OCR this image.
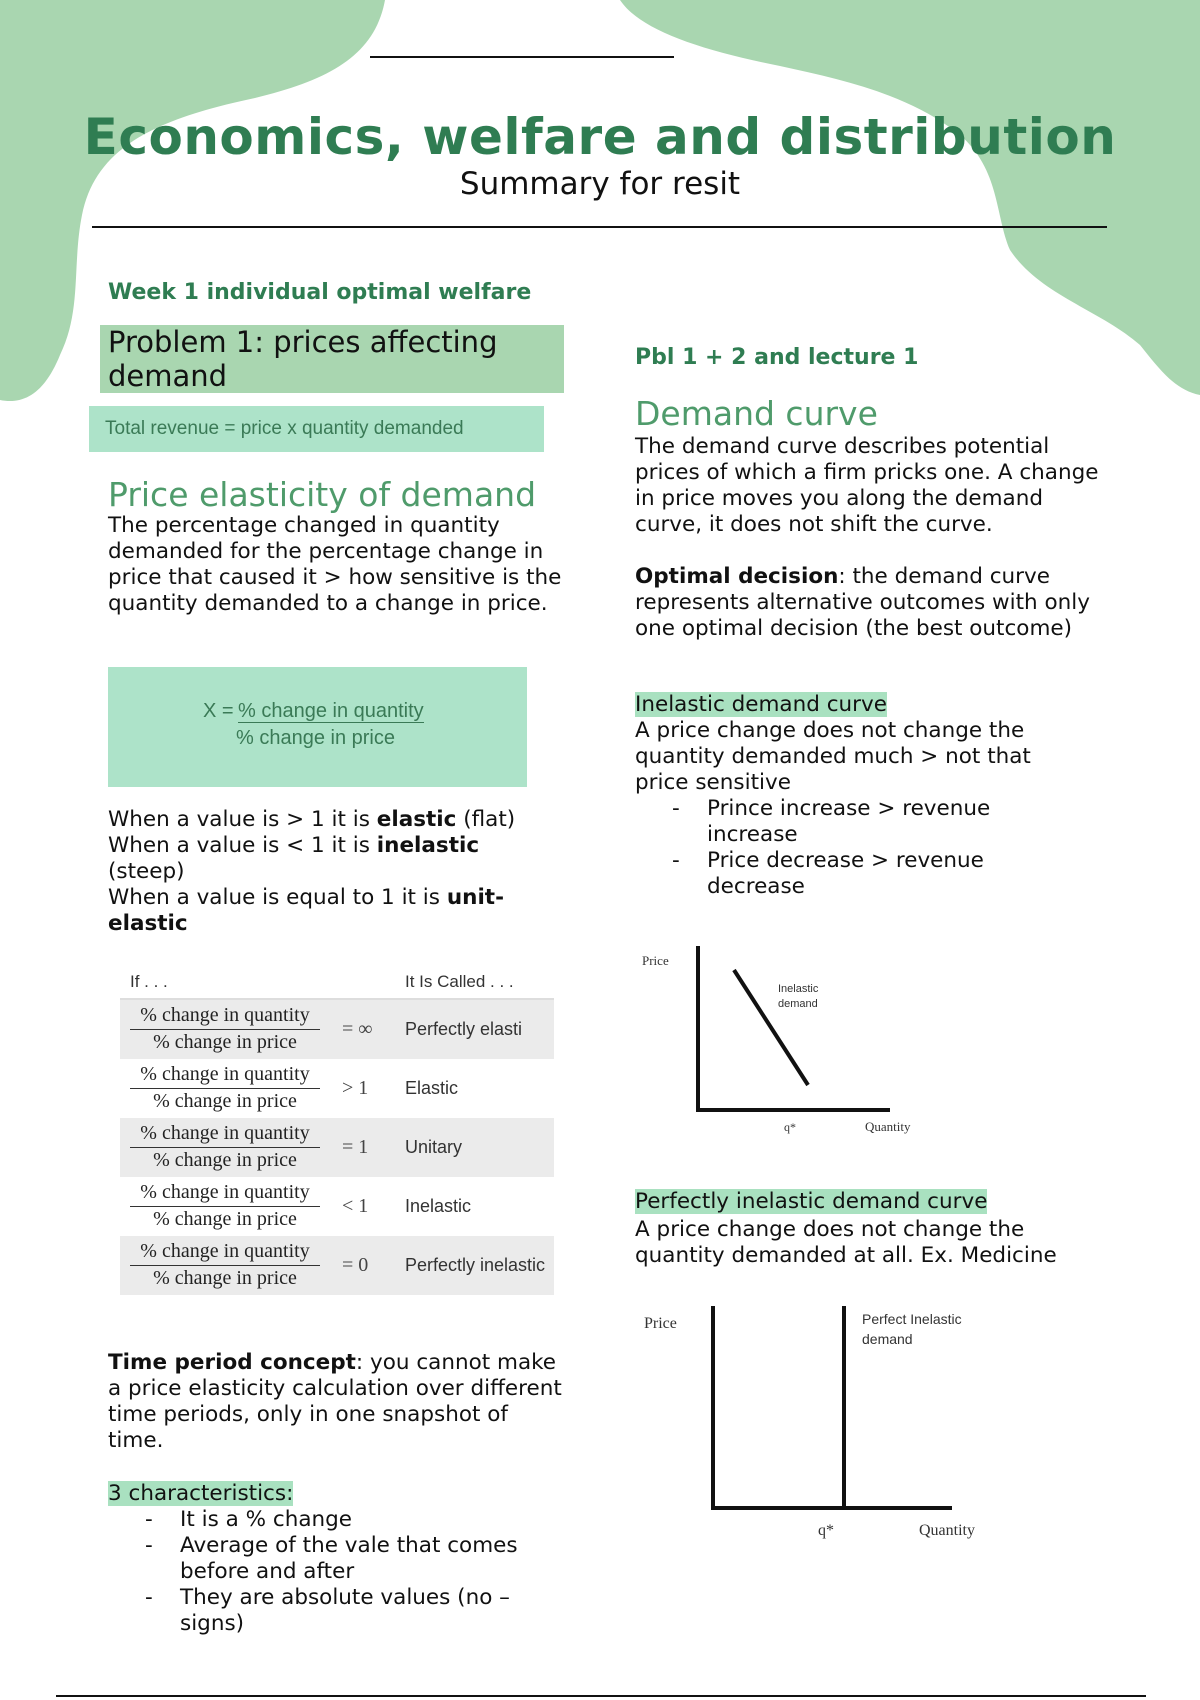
Economics, welfare and distribution
Summary for resit
Week 1 individual optimal welfare
Problem 1: prices affecting demand
Total revenue = price x quantity demanded
Price elasticity of demand
The percentage changed in quantity demanded for the percentage change in price that caused it > how sensitive is the quantity demanded to a change in price.
X = % change in quantity
% change in price
When a value is > 1 it is elastic (flat)
When a value is < 1 it is inelastic (steep)
When a value is equal to 1 it is unit-elastic
If . . .	It Is Called . . .
% change in quantity
% change in price
= ∞ Perfectly elasti
% change in quantity
% change in price
> 1 Elastic
% change in quantity
% change in price
= 1 Unitary
% change in quantity
% change in price
< 1 Inelastic
% change in quantity
% change in price
= 0 Perfectly inelastic
Time period concept: you cannot make a price elasticity calculation over different time periods, only in one snapshot of time.
3 characteristics:
- It is a % change
- Average of the vale that comes before and after
- They are absolute values (no – signs)
Pbl 1 + 2 and lecture 1
Demand curve
The demand curve describes potential prices of which a firm pricks one. A change in price moves you along the demand curve, it does not shift the curve.
Optimal decision: the demand curve represents alternative outcomes with only one optimal decision (the best outcome)
Inelastic demand curve
A price change does not change the quantity demanded much > not that price sensitive
- Prince increase > revenue increase
- Price decrease > revenue decrease
Price
Quantity
q*
Inelastic
demand
Perfectly inelastic demand curve
A price change does not change the quantity demanded at all. Ex. Medicine
Price
Quantity
q*
Perfect Inelastic
demand
